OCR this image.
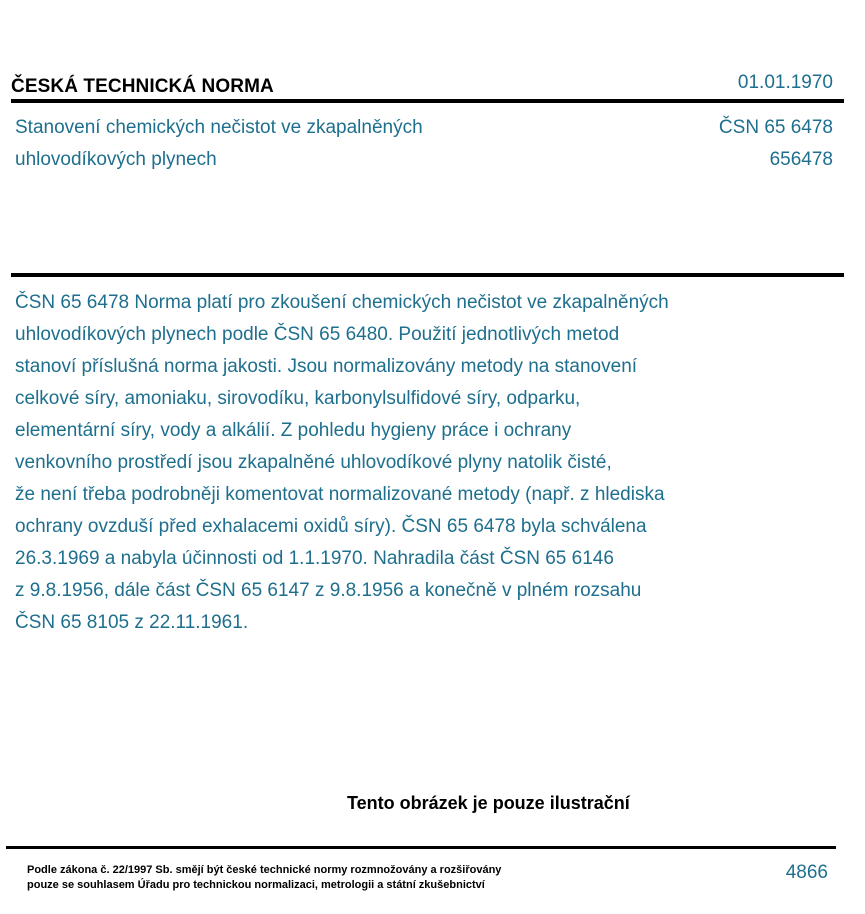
ČESKÁ TECHNICKÁ NORMA	01.01.1970
Stanovení chemických nečistot ve zkapalněných
uhlovodíkových plynech
ČSN 65 6478
656478
ČSN 65 6478 Norma platí pro zkoušení chemických nečistot ve zkapalněných
uhlovodíkových plynech podle ČSN 65 6480. Použití jednotlivých metod
stanoví příslušná norma jakosti. Jsou normalizovány metody na stanovení
celkové síry, amoniaku, sirovodíku, karbonylsulfidové síry, odparku,
elementární síry, vody a alkálií. Z pohledu hygieny práce i ochrany
venkovního prostředí jsou zkapalněné uhlovodíkové plyny natolik čisté,
že není třeba podrobněji komentovat normalizované metody (např. z hlediska
ochrany ovzduší před exhalacemi oxidů síry). ČSN 65 6478 byla schválena
26.3.1969 a nabyla účinnosti od 1.1.1970. Nahradila část ČSN 65 6146
z 9.8.1956, dále část ČSN 65 6147 z 9.8.1956 a konečně v plném rozsahu
ČSN 65 8105 z 22.11.1961.
Tento obrázek je pouze ilustrační
Podle zákona č. 22/1997 Sb. smějí být české technické normy rozmnožovány a rozšiřovány
pouze se souhlasem Úřadu pro technickou normalizaci, metrologii a státní zkušebnictví
4866
